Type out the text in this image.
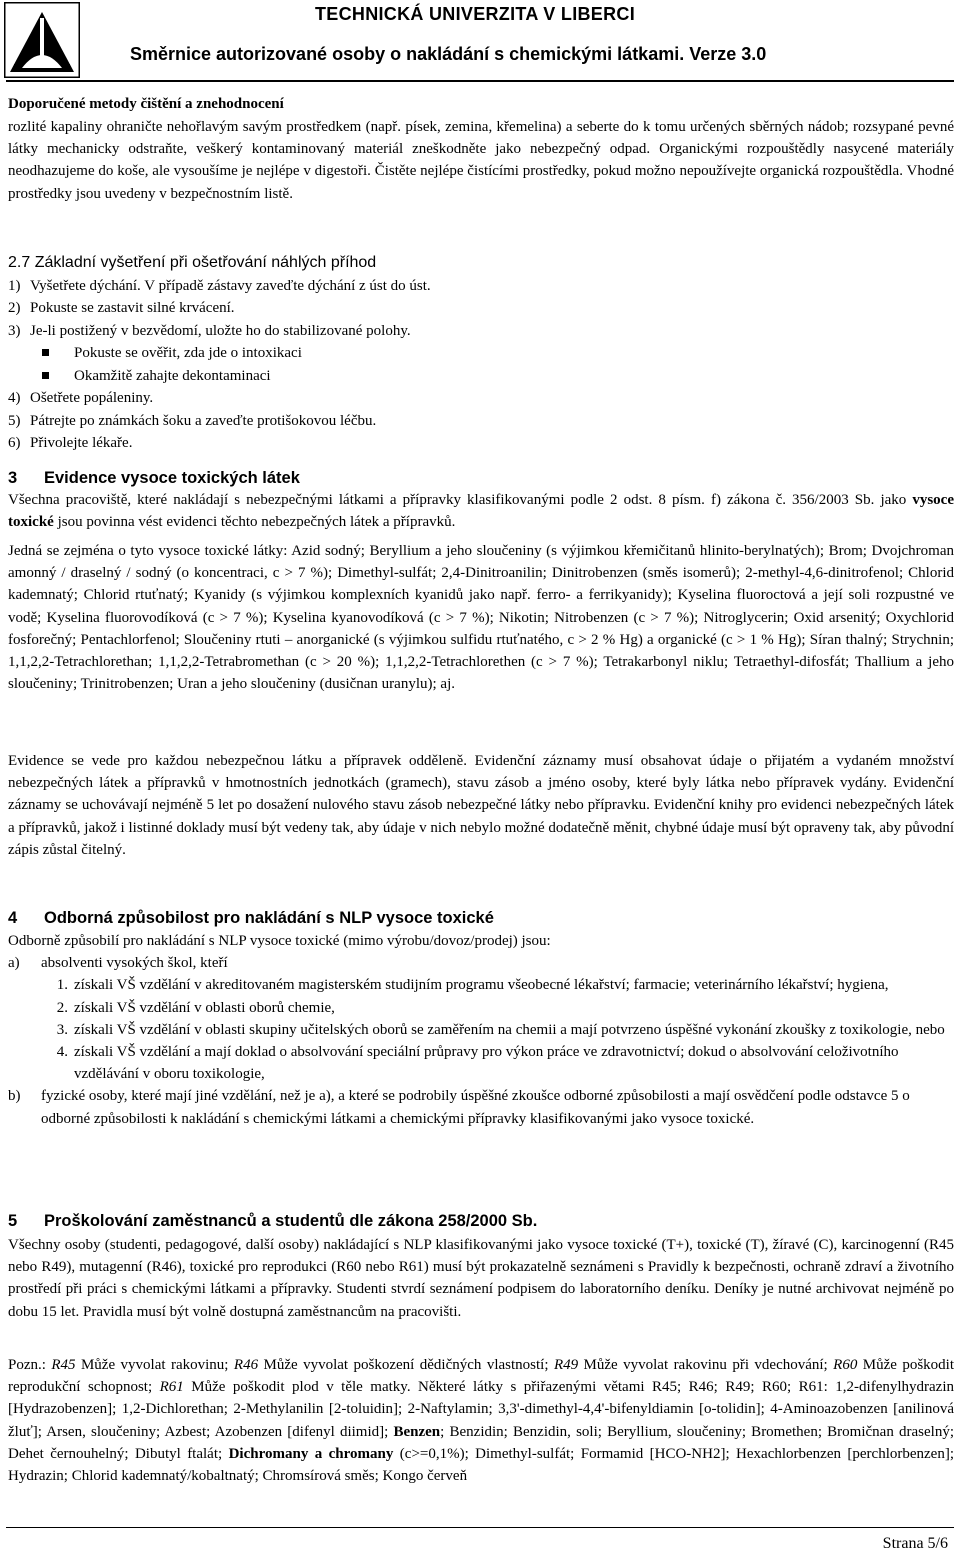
TECHNICKÁ UNIVERZITA V LIBERCI
Směrnice autorizované osoby o nakládání s chemickými látkami. Verze 3.0
Doporučené metody čištění a znehodnocení

rozlité kapaliny ohraničte nehořlavým savým prostředkem (např. písek, zemina, křemelina) a seberte do k tomu určených sběrných nádob; rozsypané pevné látky mechanicky odstraňte, veškerý kontaminovaný materiál zneškodněte jako nebezpečný odpad. Organickými rozpouštědly nasycené materiály neodhazujeme do koše, ale vysoušíme je nejlépe v digestoři. Čistěte nejlépe čistícími prostředky, pokud možno nepoužívejte organická rozpouštědla. Vhodné prostředky jsou uvedeny v bezpečnostním listě.

2.7 Základní vyšetření při ošetřování náhlých příhod
1) Vyšetřete dýchání. V případě zástavy zaveďte dýchání z úst do úst.
2) Pokuste se zastavit silné krvácení.
3) Je-li postižený v bezvědomí, uložte ho do stabilizované polohy.
Pokuste se ověřit, zda jde o intoxikaci
Okamžitě zahajte dekontaminaci
4) Ošetřete popáleniny.
5) Pátrejte po známkách šoku a zaveďte protišokovou léčbu.
6) Přivolejte lékaře.
3 Evidence vysoce toxických látek

Všechna pracoviště, které nakládají s nebezpečnými látkami a přípravky klasifikovanými podle 2 odst. 8 písm. f) zákona č. 356/2003 Sb. jako vysoce toxické jsou povinna vést evidenci těchto nebezpečných látek a přípravků.

Jedná se zejména o tyto vysoce toxické látky: Azid sodný; Beryllium a jeho sloučeniny (s výjimkou křemičitanů hlinito-berylnatých); Brom; Dvojchroman amonný / draselný / sodný (o koncentraci, c > 7 %); Dimethyl-sulfát; 2,4-Dinitroanilin; Dinitrobenzen (směs isomerů); 2-methyl-4,6-dinitrofenol; Chlorid kademnatý; Chlorid rtuťnatý; Kyanidy (s výjimkou komplexních kyanidů jako např. ferro- a ferrikyanidy); Kyselina fluoroctová a její soli rozpustné ve vodě; Kyselina fluorovodíková (c > 7 %); Kyselina kyanovodíková (c > 7 %); Nikotin; Nitrobenzen (c > 7 %); Nitroglycerin; Oxid arsenitý; Oxychlorid fosforečný; Pentachlorfenol; Sloučeniny rtuti – anorganické (s výjimkou sulfidu rtuťnatého, c > 2 % Hg) a organické (c > 1 % Hg); Síran thalný; Strychnin; 1,1,2,2-Tetrachlorethan; 1,1,2,2-Tetrabromethan (c > 20 %); 1,1,2,2-Tetrachlorethen (c > 7 %); Tetrakarbonyl niklu; Tetraethyl-difosfát; Thallium a jeho sloučeniny; Trinitrobenzen; Uran a jeho sloučeniny (dusičnan uranylu); aj.

Evidence se vede pro každou nebezpečnou látku a přípravek odděleně. Evidenční záznamy musí obsahovat údaje o přijatém a vydaném množství nebezpečných látek a přípravků v hmotnostních jednotkách (gramech), stavu zásob a jméno osoby, které byly látka nebo přípravek vydány. Evidenční záznamy se uchovávají nejméně 5 let po dosažení nulového stavu zásob nebezpečné látky nebo přípravku. Evidenční knihy pro evidenci nebezpečných látek a přípravků, jakož i listinné doklady musí být vedeny tak, aby údaje v nich nebylo možné dodatečně měnit, chybné údaje musí být opraveny tak, aby původní zápis zůstal čitelný.

4 Odborná způsobilost pro nakládání s NLP vysoce toxické
Odborně způsobilí pro nakládání s NLP vysoce toxické (mimo výrobu/dovoz/prodej) jsou:
a)	absolventi vysokých škol, kteří
1. získali VŠ vzdělání v akreditovaném magisterském studijním programu všeobecné lékařství; farmacie; veterinárního lékařství; hygiena,
2. získali VŠ vzdělání v oblasti oborů chemie,
3. získali VŠ vzdělání v oblasti skupiny učitelských oborů se zaměřením na chemii a mají potvrzeno úspěšné vykonání zkoušky z toxikologie, nebo
4. získali VŠ vzdělání a mají doklad o absolvování speciální průpravy pro výkon práce ve zdravotnictví; dokud o absolvování celoživotního vzdělávání v oboru toxikologie,
b)	fyzické osoby, které mají jiné vzdělání, než je a), a které se podrobily úspěšné zkoušce odborné způsobilosti a mají osvědčení podle odstavce 5 o odborné způsobilosti k nakládání s chemickými látkami a chemickými přípravky klasifikovanými jako vysoce toxické.
5 Proškolování zaměstnanců a studentů dle zákona 258/2000 Sb.

Všechny osoby (studenti, pedagogové, další osoby) nakládající s NLP klasifikovanými jako vysoce toxické (T+), toxické (T), žíravé (C), karcinogenní (R45 nebo R49), mutagenní (R46), toxické pro reprodukci (R60 nebo R61) musí být prokazatelně seznámeni s Pravidly k bezpečnosti, ochraně zdraví a životního prostředí při práci s chemickými látkami a přípravky. Studenti stvrdí seznámení podpisem do laboratorního deníku. Deníky je nutné archivovat nejméně po dobu 15 let. Pravidla musí být volně dostupná zaměstnancům na pracovišti.

Pozn.: R45 Může vyvolat rakovinu; R46 Může vyvolat poškození dědičných vlastností; R49 Může vyvolat rakovinu při vdechování; R60 Může poškodit reprodukční schopnost; R61 Může poškodit plod v těle matky. Některé látky s přiřazenými větami R45; R46; R49; R60; R61: 1,2-difenylhydrazin [Hydrazobenzen]; 1,2-Dichlorethan; 2-Methylanilin [2-toluidin]; 2-Naftylamin; 3,3'-dimethyl-4,4'-bifenyldiamin [o-tolidin]; 4-Aminoazobenzen [anilinová žluť]; Arsen, sloučeniny; Azbest; Azobenzen [difenyl diimid]; Benzen; Benzidin; Benzidin, soli; Beryllium, sloučeniny; Bromethen; Bromičnan draselný; Dehet černouhelný; Dibutyl ftalát; Dichromany a chromany (c>=0,1%); Dimethyl-sulfát; Formamid [HCO-NH2]; Hexachlorbenzen [perchlorbenzen]; Hydrazin; Chlorid kademnatý/kobaltnatý; Chromsírová směs; Kongo červeň

Strana 5/6
